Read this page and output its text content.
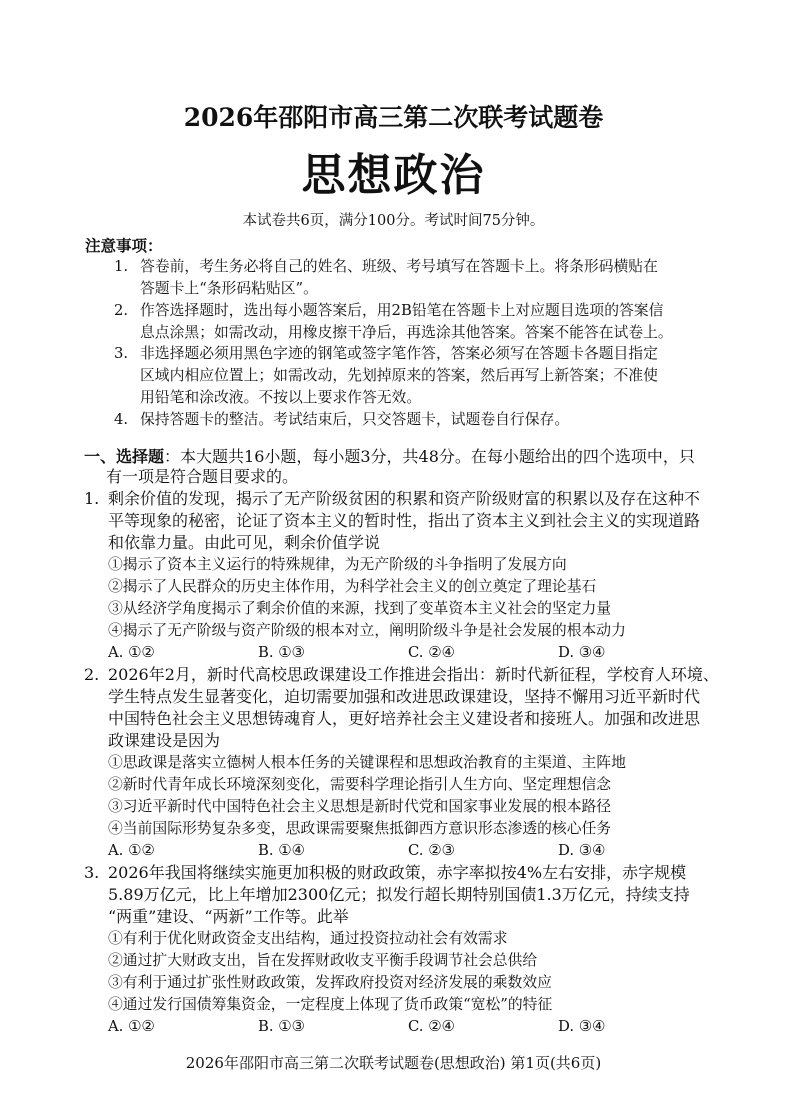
2026年邵阳市高三第二次联考试题卷
思想政治
本试卷共6页，满分100分。考试时间75分钟。
注意事项：
1. 答卷前，考生务必将自己的姓名、班级、考号填写在答题卡上。将条形码横贴在
答题卡上“条形码粘贴区”。
2. 作答选择题时，选出每小题答案后，用2B铅笔在答题卡上对应题目选项的答案信
息点涂黑；如需改动，用橡皮擦干净后，再选涂其他答案。答案不能答在试卷上。
3. 非选择题必须用黑色字迹的钢笔或签字笔作答，答案必须写在答题卡各题目指定
区域内相应位置上；如需改动，先划掉原来的答案，然后再写上新答案；不准使
用铅笔和涂改液。不按以上要求作答无效。
4. 保持答题卡的整洁。考试结束后，只交答题卡，试题卷自行保存。
一、选择题：本大题共16小题，每小题3分，共48分。在每小题给出的四个选项中，只
有一项是符合题目要求的。
1. 剩余价值的发现，揭示了无产阶级贫困的积累和资产阶级财富的积累以及存在这种不
平等现象的秘密，论证了资本主义的暂时性，指出了资本主义到社会主义的实现道路
和依靠力量。由此可见，剩余价值学说
①揭示了资本主义运行的特殊规律，为无产阶级的斗争指明了发展方向
②揭示了人民群众的历史主体作用，为科学社会主义的创立奠定了理论基石
③从经济学角度揭示了剩余价值的来源，找到了变革资本主义社会的坚定力量
④揭示了无产阶级与资产阶级的根本对立，阐明阶级斗争是社会发展的根本动力
A. ①②	B. ①③	C. ②④	D. ③④
2. 2026年2月，新时代高校思政课建设工作推进会指出：新时代新征程，学校育人环境、
学生特点发生显著变化，迫切需要加强和改进思政课建设，坚持不懈用习近平新时代
中国特色社会主义思想铸魂育人，更好培养社会主义建设者和接班人。加强和改进思
政课建设是因为
①思政课是落实立德树人根本任务的关键课程和思想政治教育的主渠道、主阵地
②新时代青年成长环境深刻变化，需要科学理论指引人生方向、坚定理想信念
③习近平新时代中国特色社会主义思想是新时代党和国家事业发展的根本路径
④当前国际形势复杂多变，思政课需要聚焦抵御西方意识形态渗透的核心任务
A. ①②	B. ①④	C. ②③	D. ③④
3. 2026年我国将继续实施更加积极的财政政策，赤字率拟按4%左右安排，赤字规模
5.89万亿元，比上年增加2300亿元；拟发行超长期特别国债1.3万亿元，持续支持
“两重”建设、“两新”工作等。此举
①有利于优化财政资金支出结构，通过投资拉动社会有效需求
②通过扩大财政支出，旨在发挥财政收支平衡手段调节社会总供给
③有利于通过扩张性财政政策，发挥政府投资对经济发展的乘数效应
④通过发行国债筹集资金，一定程度上体现了货币政策“宽松”的特征
A. ①②	B. ①③	C. ②④	D. ③④
2026年邵阳市高三第二次联考试题卷(思想政治) 第1页(共6页)
